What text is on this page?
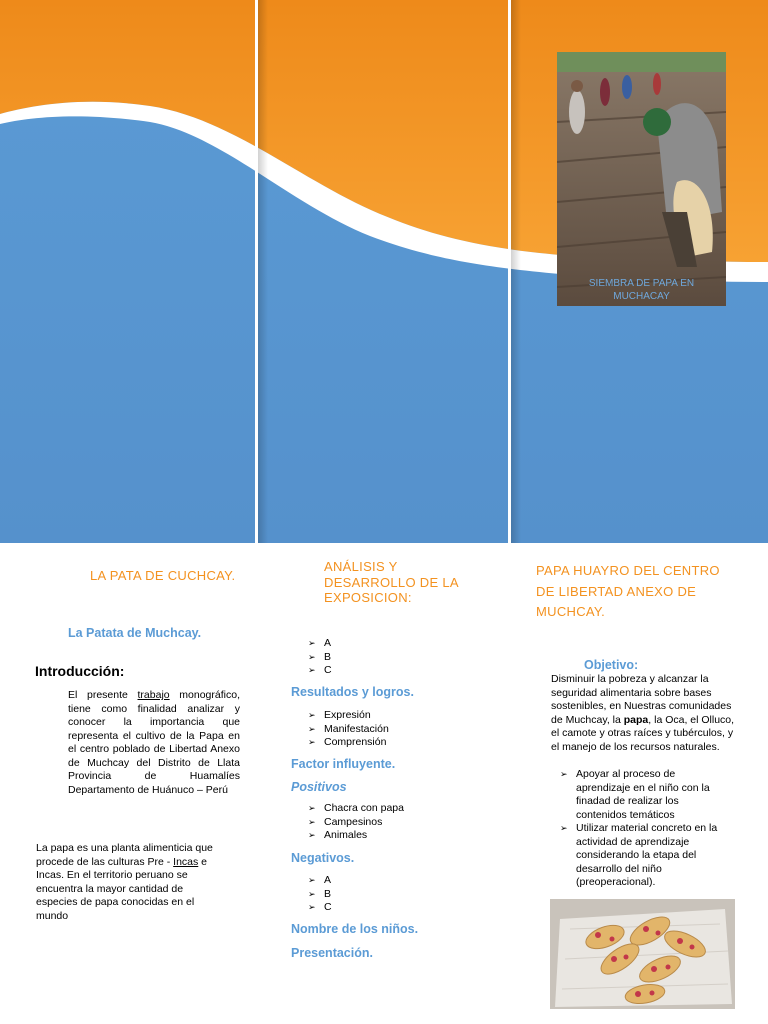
SIEMBRA DE PAPA EN MUCHACAY
LA PATA DE CUCHCAY.
La Patata de Muchcay.
Introducción:

El presente trabajo monográfico, tiene como finalidad analizar y conocer la importancia que representa el cultivo de la Papa en el centro poblado de Libertad Anexo de Muchcay del Distrito de Llata Provincia de Huamalíes Departamento de Huánuco – Perú

La papa es una planta alimenticia que procede de las culturas Pre - Incas e Incas. En el territorio peruano se encuentra la mayor cantidad de especies de papa conocidas en el mundo

ANÁLISIS Y DESARROLLO DE LA EXPOSICION:
➢ A
➢ B
➢ C
Resultados y logros.
➢ Expresión
➢ Manifestación
➢ Comprensión
Factor influyente.
Positivos
➢ Chacra con papa
➢ Campesinos
➢ Animales
Negativos.
➢ A
➢ B
➢ C
Nombre de los niños.
Presentación.
PAPA HUAYRO DEL CENTRO DE LIBERTAD ANEXO DE MUCHCAY.
Objetivo:

Disminuir la pobreza y alcanzar la seguridad alimentaria sobre bases sostenibles, en Nuestras comunidades de Muchcay, la papa, la Oca, el Olluco, el camote y otras raíces y tubérculos, y el manejo de los recursos naturales.

➢ Apoyar al proceso de aprendizaje en el niño con la finadad de realizar los contenidos temáticos
➢ Utilizar material concreto en la actividad de aprendizaje considerando la etapa del desarrollo del niño (preoperacional).
